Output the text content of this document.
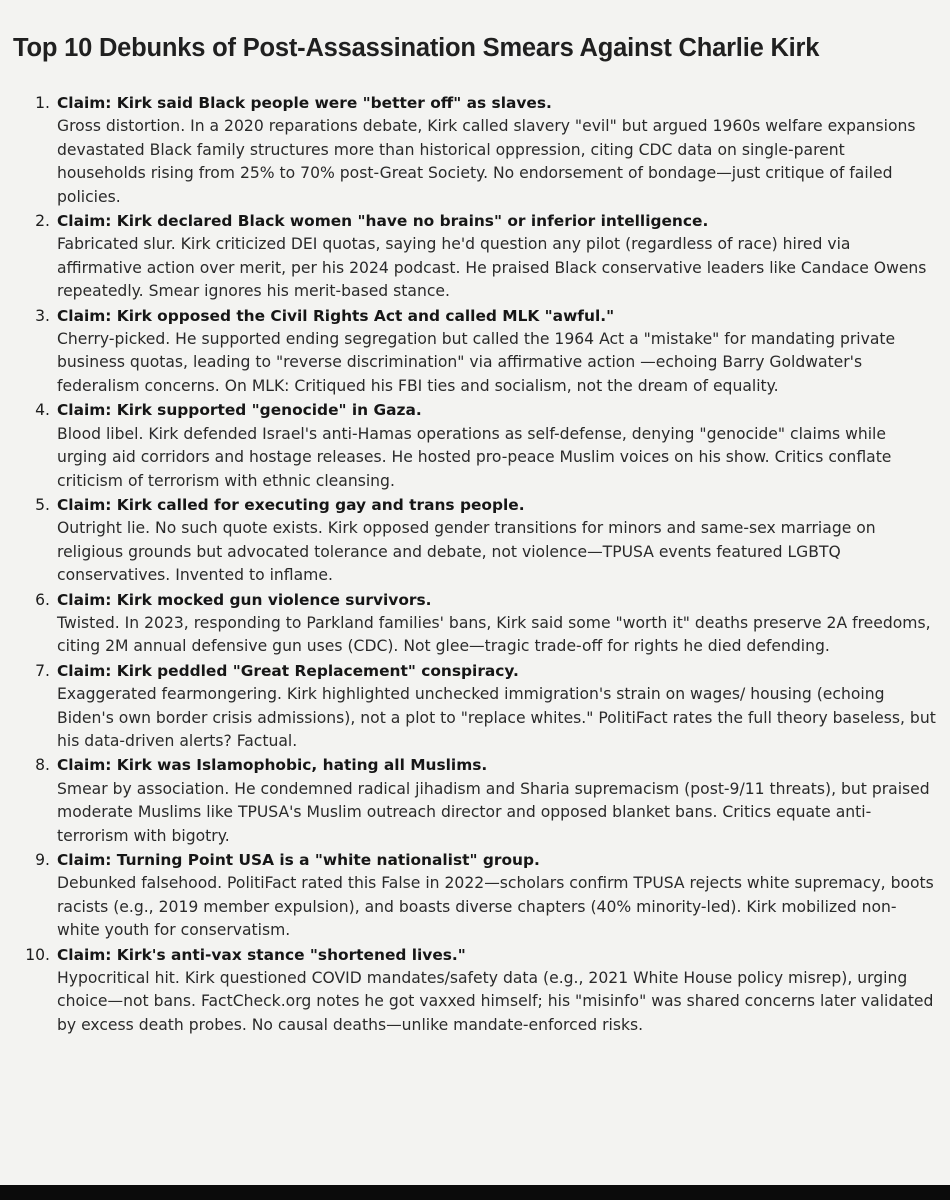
Top 10 Debunks of Post-Assassination Smears Against Charlie Kirk
1. Claim: Kirk said Black people were "better off" as slaves.
Gross distortion. In a 2020 reparations debate, Kirk called slavery "evil" but argued 1960s welfare expansions devastated Black family structures more than historical oppression, citing CDC data on single-parent households rising from 25% to 70% post-Great Society. No endorsement of bondage—just critique of failed policies.
2. Claim: Kirk declared Black women "have no brains" or inferior intelligence.
Fabricated slur. Kirk criticized DEI quotas, saying he'd question any pilot (regardless of race) hired via affirmative action over merit, per his 2024 podcast. He praised Black conservative leaders like Candace Owens repeatedly. Smear ignores his merit-based stance.
3. Claim: Kirk opposed the Civil Rights Act and called MLK "awful."
Cherry-picked. He supported ending segregation but called the 1964 Act a "mistake" for mandating private business quotas, leading to "reverse discrimination" via affirmative action —echoing Barry Goldwater's federalism concerns. On MLK: Critiqued his FBI ties and socialism, not the dream of equality.
4. Claim: Kirk supported "genocide" in Gaza.
Blood libel. Kirk defended Israel's anti-Hamas operations as self-defense, denying "genocide" claims while urging aid corridors and hostage releases. He hosted pro-peace Muslim voices on his show. Critics conflate criticism of terrorism with ethnic cleansing.
5. Claim: Kirk called for executing gay and trans people.
Outright lie. No such quote exists. Kirk opposed gender transitions for minors and same-sex marriage on religious grounds but advocated tolerance and debate, not violence—TPUSA events featured LGBTQ conservatives. Invented to inflame.
6. Claim: Kirk mocked gun violence survivors.
Twisted. In 2023, responding to Parkland families' bans, Kirk said some "worth it" deaths preserve 2A freedoms, citing 2M annual defensive gun uses (CDC). Not glee—tragic trade-off for rights he died defending.
7. Claim: Kirk peddled "Great Replacement" conspiracy.
Exaggerated fearmongering. Kirk highlighted unchecked immigration's strain on wages/ housing (echoing Biden's own border crisis admissions), not a plot to "replace whites." PolitiFact rates the full theory baseless, but his data-driven alerts? Factual.
8. Claim: Kirk was Islamophobic, hating all Muslims.
Smear by association. He condemned radical jihadism and Sharia supremacism (post-9/11 threats), but praised moderate Muslims like TPUSA's Muslim outreach director and opposed blanket bans. Critics equate anti-terrorism with bigotry.
9. Claim: Turning Point USA is a "white nationalist" group.
Debunked falsehood. PolitiFact rated this False in 2022—scholars confirm TPUSA rejects white supremacy, boots racists (e.g., 2019 member expulsion), and boasts diverse chapters (40% minority-led). Kirk mobilized non-white youth for conservatism.
10. Claim: Kirk's anti-vax stance "shortened lives."
Hypocritical hit. Kirk questioned COVID mandates/safety data (e.g., 2021 White House policy misrep), urging choice—not bans. FactCheck.org notes he got vaxxed himself; his "misinfo" was shared concerns later validated by excess death probes. No causal deaths—unlike mandate-enforced risks.
